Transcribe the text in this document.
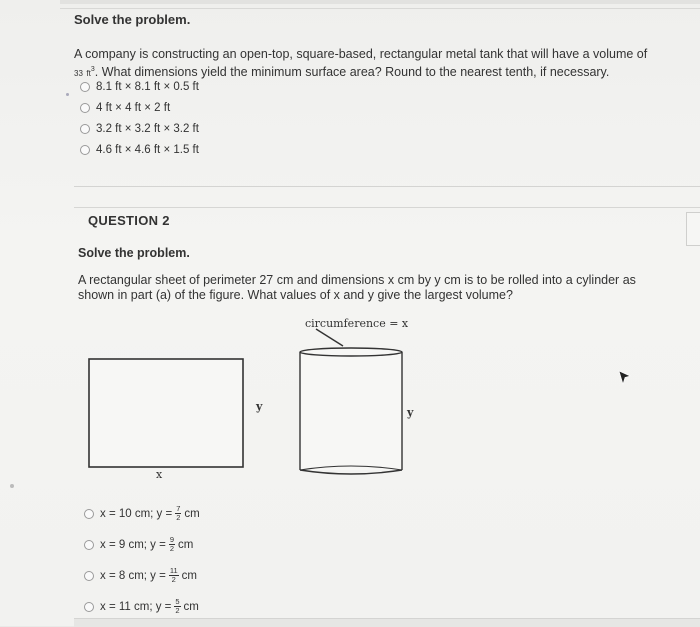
Solve the problem.
A company is constructing an open-top, square-based, rectangular metal tank that will have a volume of 33 $ft^3$. What dimensions yield the minimum surface area? Round to the nearest tenth, if necessary.
8.1 ft × 8.1 ft × 0.5 ft
4 ft × 4 ft × 2 ft
3.2 ft × 3.2 ft × 3.2 ft
4.6 ft × 4.6 ft × 1.5 ft
QUESTION 2
Solve the problem.
A rectangular sheet of perimeter 27 cm and dimensions x cm by y cm is to be rolled into a cylinder as shown in part (a) of the figure. What values of x and y give the largest volume?
circumference = x
y	y
x
x = 10 cm; $y = \frac{7}{2}$ cm
x = 9 cm; $y = \frac{9}{2}$ cm
x = 8 cm; $y = \frac{11}{2}$ cm
x = 11 cm; $y = \frac{5}{2}$ cm
